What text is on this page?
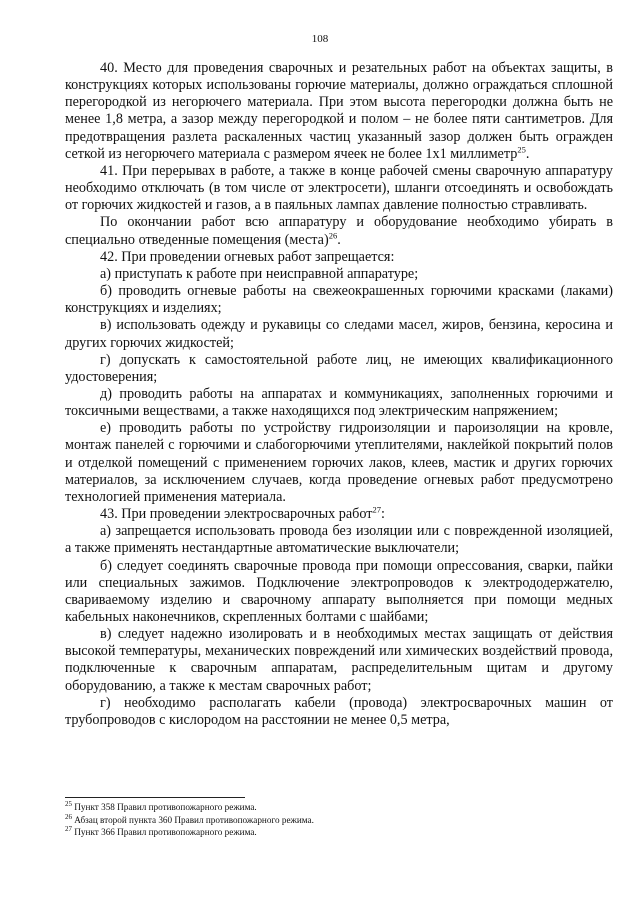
108

40. Место для проведения сварочных и резательных работ на объектах защиты, в конструкциях которых использованы горючие материалы, должно ограждаться сплошной перегородкой из негорючего материала. При этом высота перегородки должна быть не менее 1,8 метра, а зазор между перегородкой и полом – не более пяти сантиметров. Для предотвращения разлета раскаленных частиц указанный зазор должен быть огражден сеткой из негорючего материала с размером ячеек не более 1x1 миллиметр$^{25}$.

41. При перерывах в работе, а также в конце рабочей смены сварочную аппаратуру необходимо отключать (в том числе от электросети), шланги отсоединять и освобождать от горючих жидкостей и газов, а в паяльных лампах давление полностью стравливать.

По окончании работ всю аппаратуру и оборудование необходимо убирать в специально отведенные помещения (места)$^{26}$.

42. При проведении огневых работ запрещается:

а) приступать к работе при неисправной аппаратуре;

б) проводить огневые работы на свежеокрашенных горючими красками (лаками) конструкциях и изделиях;

в) использовать одежду и рукавицы со следами масел, жиров, бензина, керосина и других горючих жидкостей;

г) допускать к самостоятельной работе лиц, не имеющих квалификационного удостоверения;

д) проводить работы на аппаратах и коммуникациях, заполненных горючими и токсичными веществами, а также находящихся под электрическим напряжением;

е) проводить работы по устройству гидроизоляции и пароизоляции на кровле, монтаж панелей с горючими и слабогорючими утеплителями, наклейкой покрытий полов и отделкой помещений с применением горючих лаков, клеев, мастик и других горючих материалов, за исключением случаев, когда проведение огневых работ предусмотрено технологией применения материала.

43. При проведении электросварочных работ$^{27}$:

а) запрещается использовать провода без изоляции или с поврежденной изоляцией, а также применять нестандартные автоматические выключатели;

б) следует соединять сварочные провода при помощи опрессования, сварки, пайки или специальных зажимов. Подключение электропроводов к электрододержателю, свариваемому изделию и сварочному аппарату выполняется при помощи медных кабельных наконечников, скрепленных болтами с шайбами;

в) следует надежно изолировать и в необходимых местах защищать от действия высокой температуры, механических повреждений или химических воздействий провода, подключенные к сварочным аппаратам, распределительным щитам и другому оборудованию, а также к местам сварочных работ;

г) необходимо располагать кабели (провода) электросварочных машин от трубопроводов с кислородом на расстоянии не менее 0,5 метра,

$^{25}$ Пункт 358 Правил противопожарного режима.
$^{26}$ Абзац второй пункта 360 Правил противопожарного режима.
$^{27}$ Пункт 366 Правил противопожарного режима.
